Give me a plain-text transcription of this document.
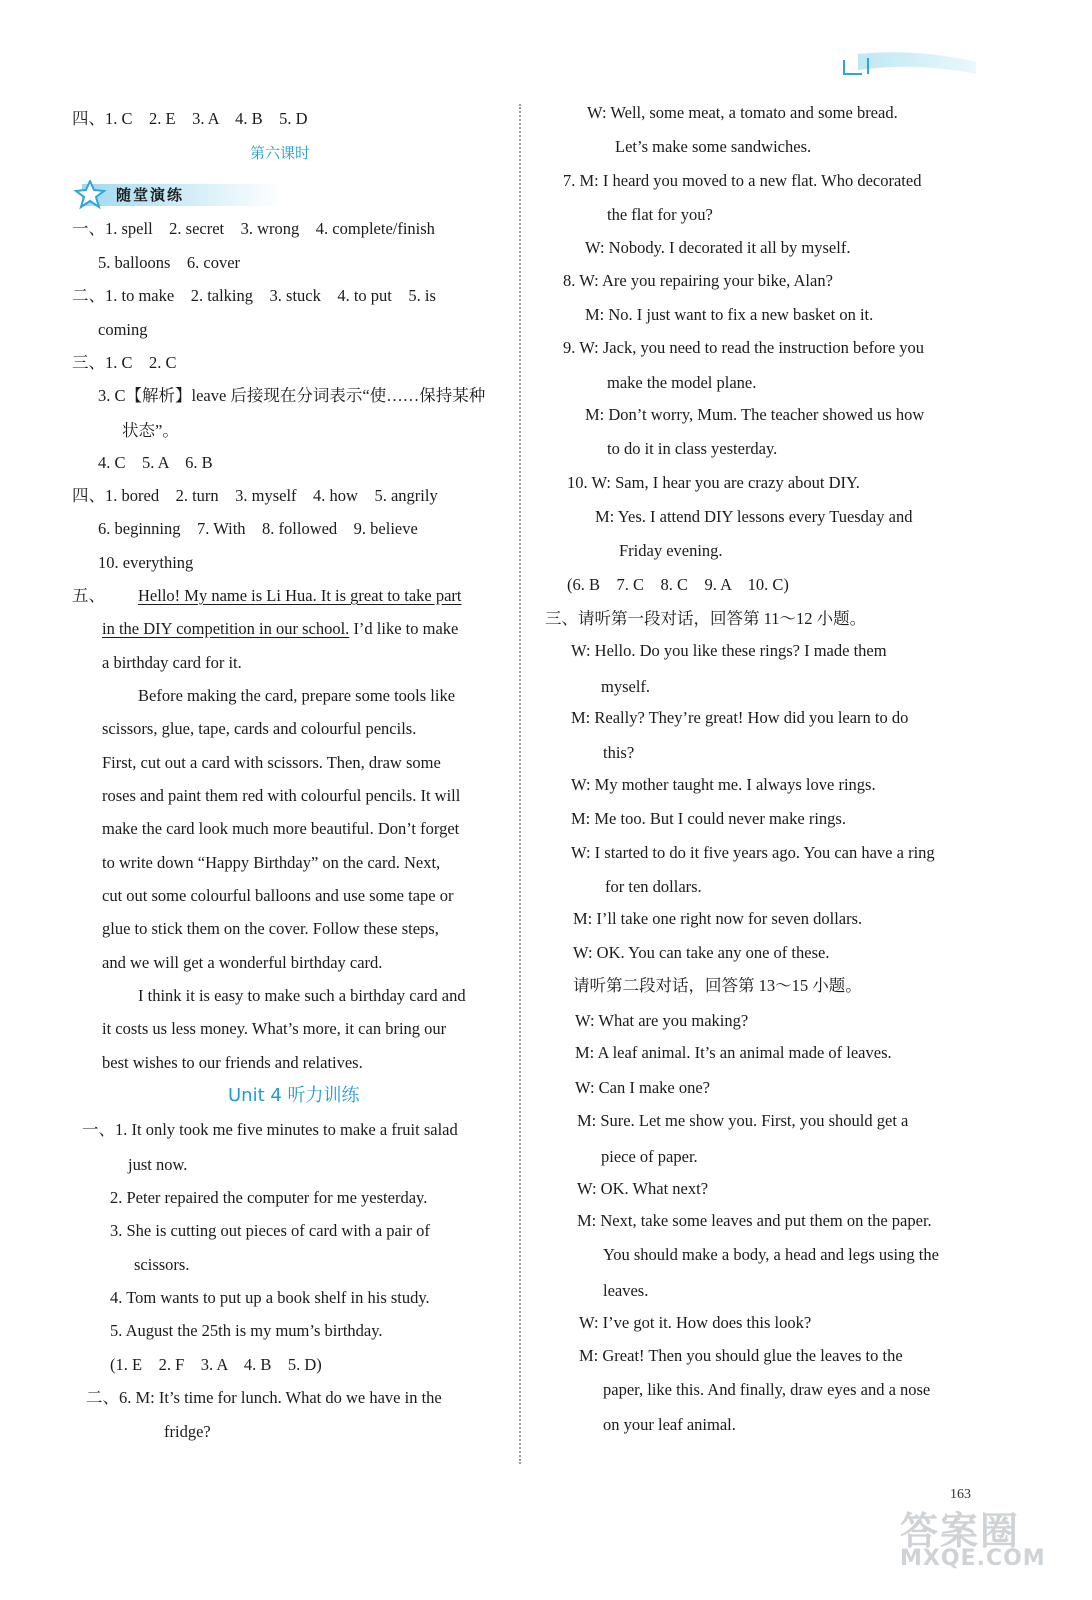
四、1. C　2. E　3. A　4. B　5. D
第六课时
随堂演练
一、1. spell　2. secret　3. wrong　4. complete/finish
5. balloons　6. cover
二、1. to make　2. talking　3. stuck　4. to put　5. is
coming
三、1. C　2. C
3. C【解析】leave 后接现在分词表示“使……保持某种
状态”。
4. C　5. A　6. B
四、1. bored　2. turn　3. myself　4. how　5. angrily
6. beginning　7. With　8. followed　9. believe
10. everything
五、 Hello! My name is Li Hua. It is great to take part
in the DIY competition in our school. I’d like to make
a birthday card for it.
Before making the card, prepare some tools like
scissors, glue, tape, cards and colourful pencils.
First, cut out a card with scissors. Then, draw some
roses and paint them red with colourful pencils. It will
make the card look much more beautiful. Don’t forget
to write down “Happy Birthday” on the card. Next,
cut out some colourful balloons and use some tape or
glue to stick them on the cover. Follow these steps,
and we will get a wonderful birthday card.
I think it is easy to make such a birthday card and
it costs us less money. What’s more, it can bring our
best wishes to our friends and relatives.
Unit 4 听力训练
一、1. It only took me five minutes to make a fruit salad
just now.
2. Peter repaired the computer for me yesterday.
3. She is cutting out pieces of card with a pair of
scissors.
4. Tom wants to put up a book shelf in his study.
5. August the 25th is my mum’s birthday.
(1. E　2. F　3. A　4. B　5. D)
二、6. M: It’s time for lunch. What do we have in the
fridge?
W: Well, some meat, a tomato and some bread.
Let’s make some sandwiches.
7. M: I heard you moved to a new flat. Who decorated
the flat for you?
W: Nobody. I decorated it all by myself.
8. W: Are you repairing your bike, Alan?
M: No. I just want to fix a new basket on it.
9. W: Jack, you need to read the instruction before you
make the model plane.
M: Don’t worry, Mum. The teacher showed us how
to do it in class yesterday.
10. W: Sam, I hear you are crazy about DIY.
M: Yes. I attend DIY lessons every Tuesday and
Friday evening.
(6. B　7. C　8. C　9. A　10. C)
三、请听第一段对话，回答第 11～12 小题。
W: Hello. Do you like these rings? I made them
myself.
M: Really? They’re great! How did you learn to do
this?
W: My mother taught me. I always love rings.
M: Me too. But I could never make rings.
W: I started to do it five years ago. You can have a ring
for ten dollars.
M: I’ll take one right now for seven dollars.
W: OK. You can take any one of these.
请听第二段对话，回答第 13～15 小题。
W: What are you making?
M: A leaf animal. It’s an animal made of leaves.
W: Can I make one?
M: Sure. Let me show you. First, you should get a
piece of paper.
W: OK. What next?
M: Next, take some leaves and put them on the paper.
You should make a body, a head and legs using the
leaves.
W: I’ve got it. How does this look?
M: Great! Then you should glue the leaves to the
paper, like this. And finally, draw eyes and a nose
on your leaf animal.
163
答案圈
MXQE.COM
